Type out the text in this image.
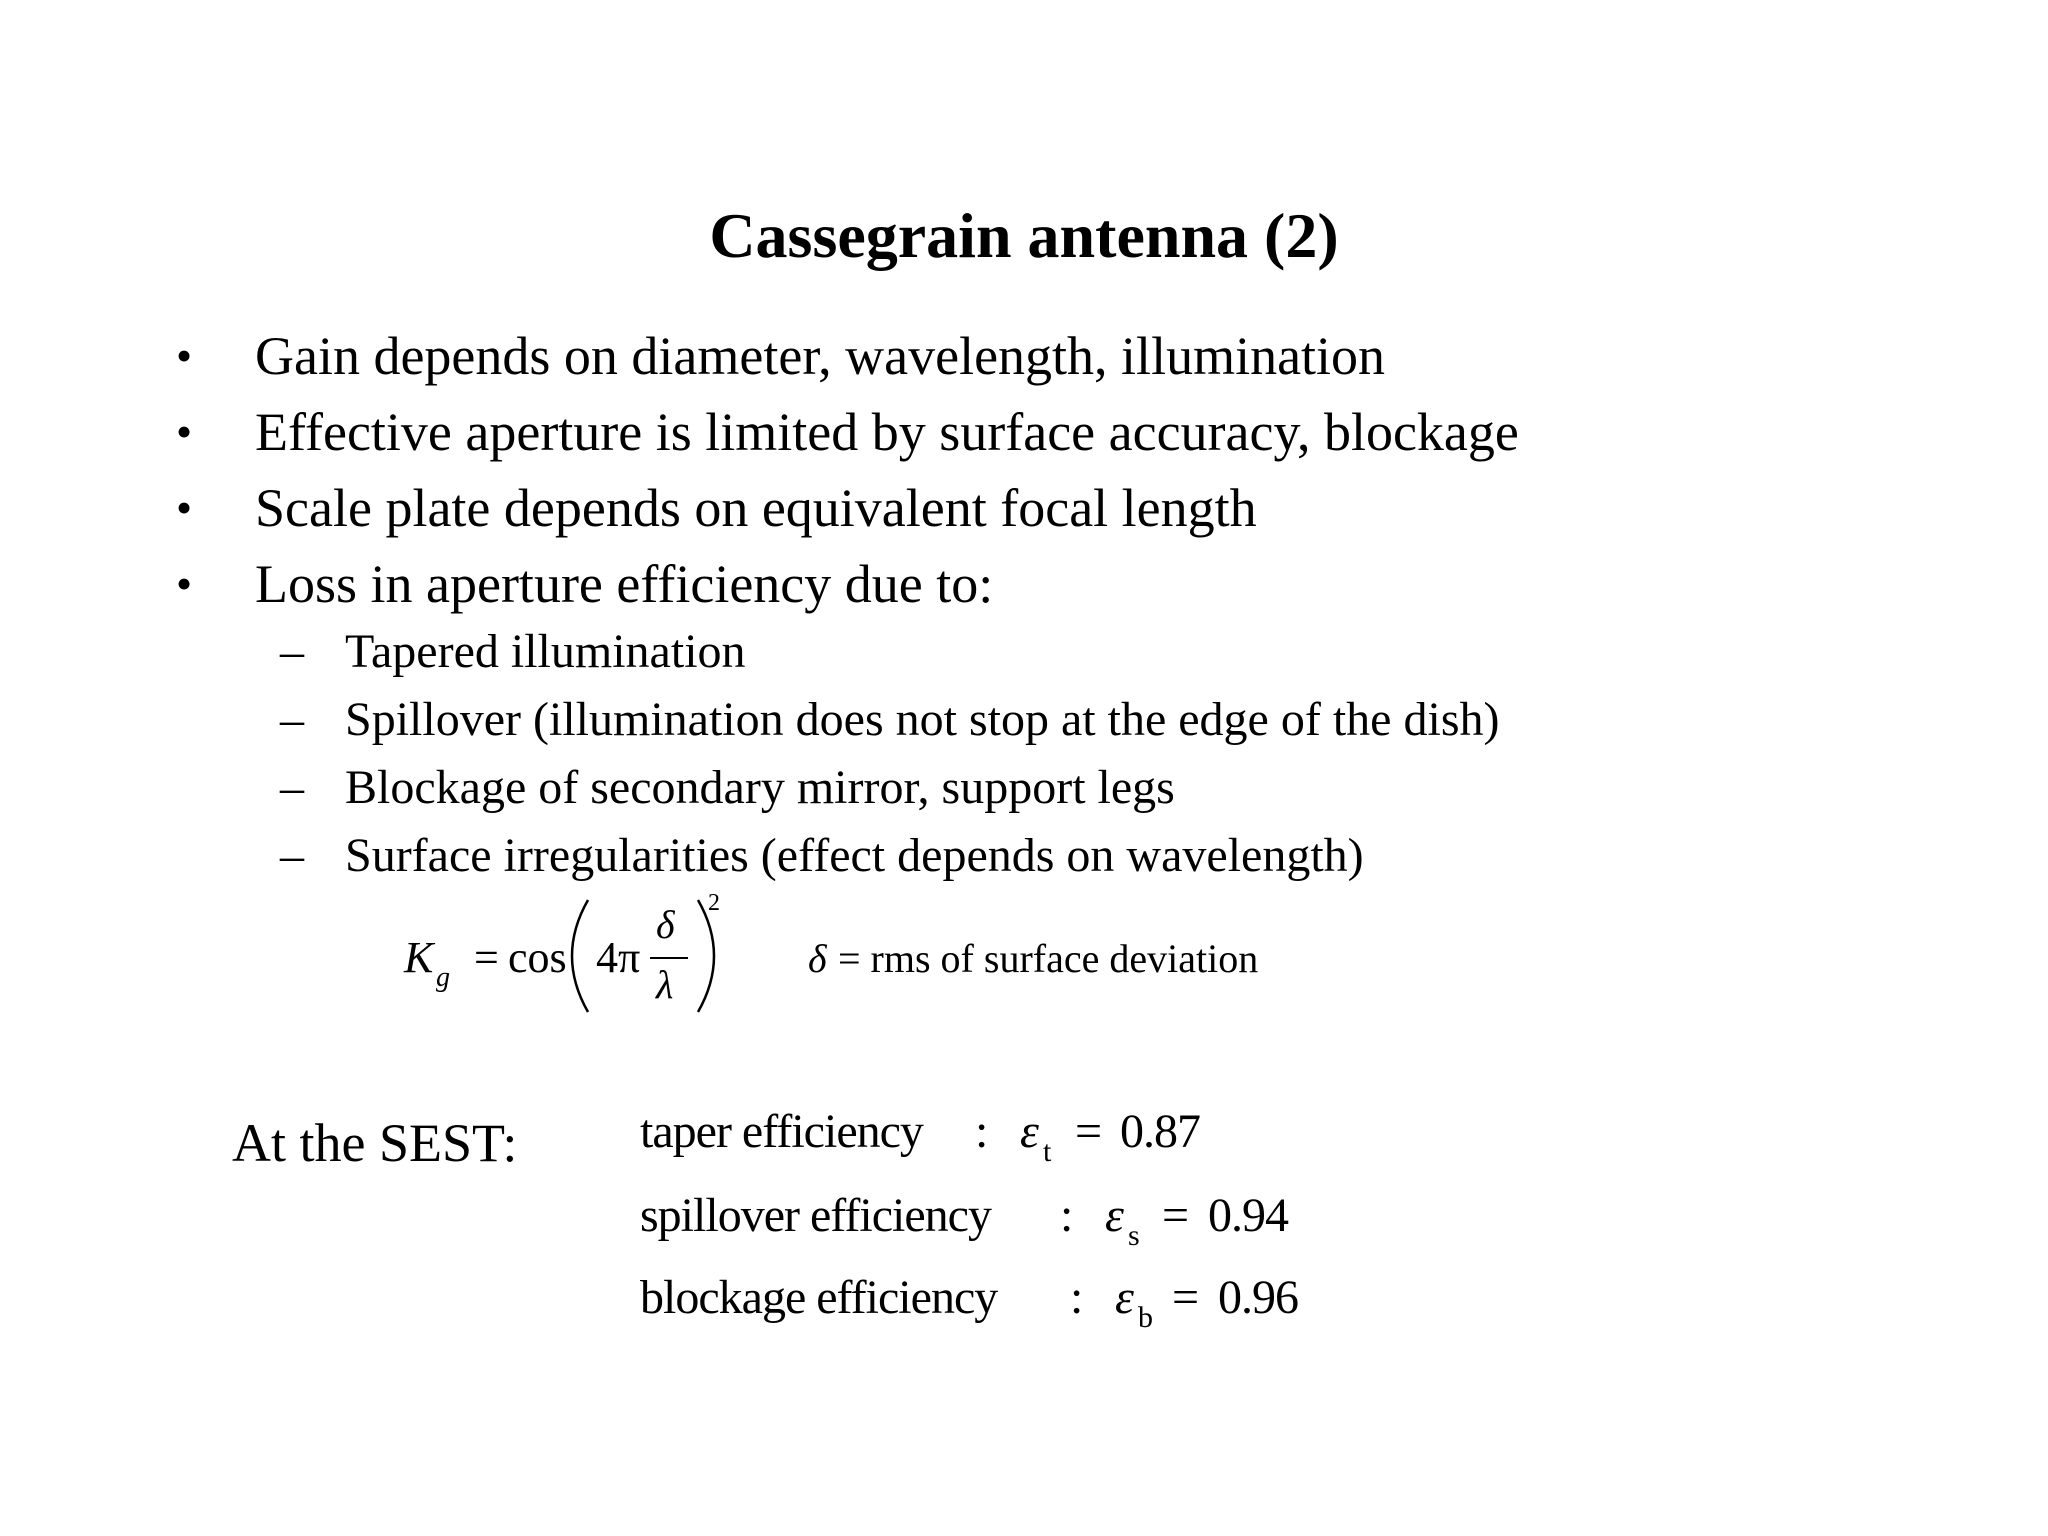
Cassegrain antenna (2)
• Gain depends on diameter, wavelength, illumination
• Effective aperture is limited by surface accuracy, blockage
• Scale plate depends on equivalent focal length
• Loss in aperture efficiency due to:
– Tapered illumination
– Spillover (illumination does not stop at the edge of the dish)
– Blockage of secondary mirror, support legs
– Surface irregularities (effect depends on wavelength)
K g = cos 4π
δ
λ
2
δ = rms of surface deviation
At the SEST:	taper efficiency : ε t = 0.87
spillover efficiency : ε s = 0.94
blockage efficiency : ε b = 0.96
